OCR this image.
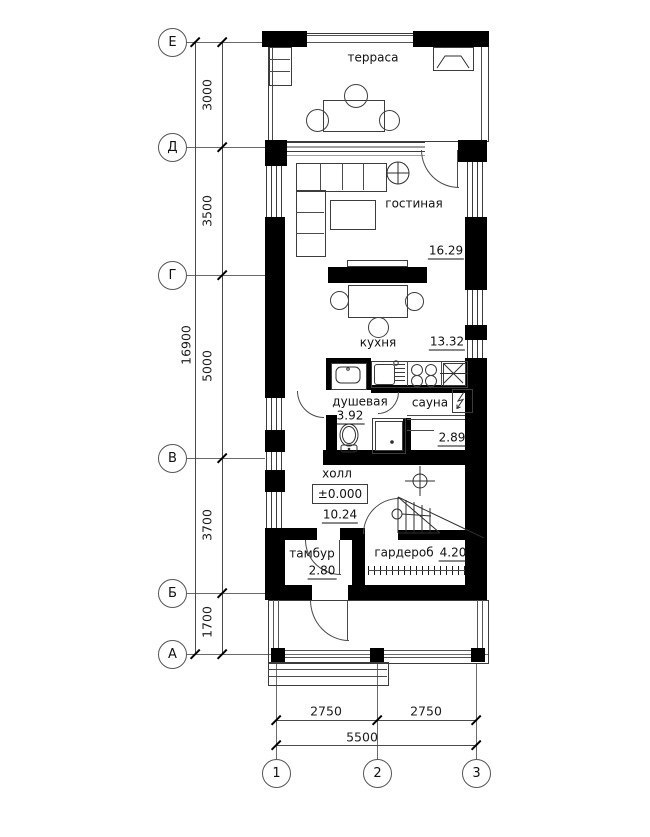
3000
3500
5000
3700
1700
16900
2750	2750
5500
Е
Д
Г
В
Б
А
1	2	3
±0.000
терраса
гостиная
16.29
кухня	13.32
душевая
3.92
сауна
2.89
холл
10.24
тамбур
2.80
гардероб 4.20
